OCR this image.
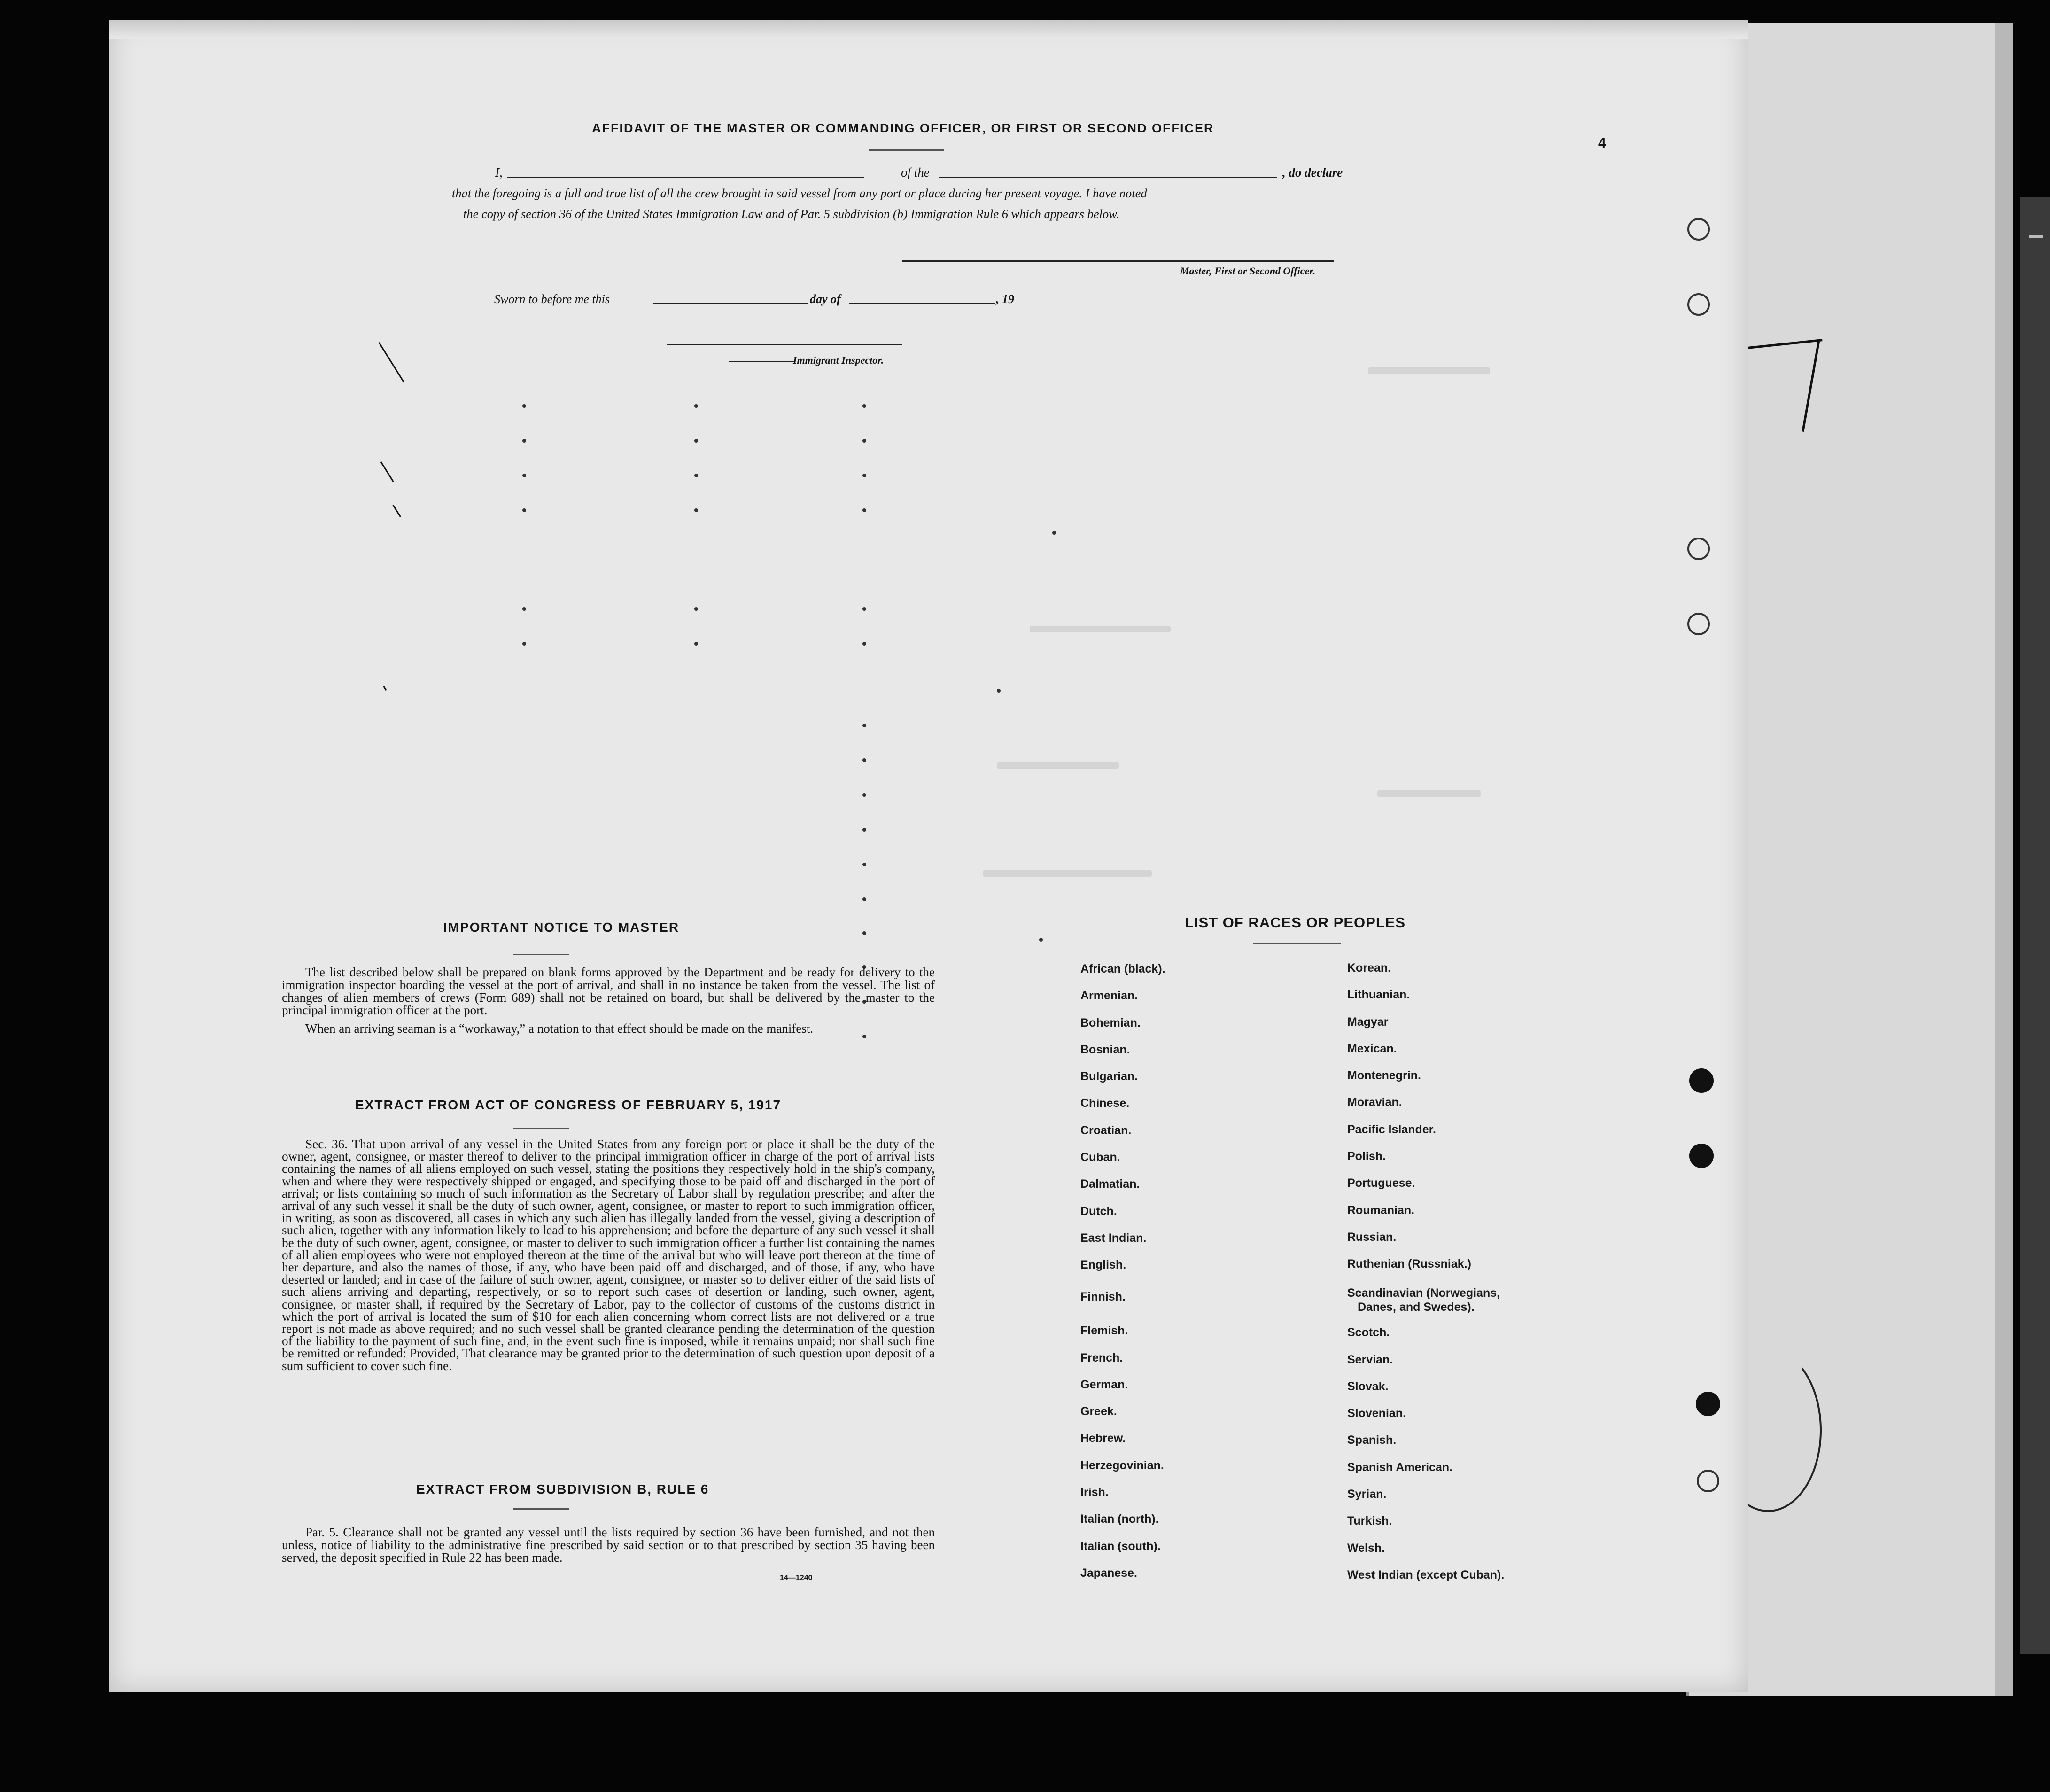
AFFIDAVIT OF THE MASTER OR COMMANDING OFFICER, OR FIRST OR SECOND OFFICER
I,	of the	, do declare
that the foregoing is a full and true list of all the crew brought in said vessel from any port or place during her present voyage. I have noted
the copy of section 36 of the United States Immigration Law and of Par. 5 subdivision (b) Immigration Rule 6 which appears below.
Master, First or Second Officer.
Sworn to before me this	day of	, 19
Immigrant Inspector.
4
IMPORTANT NOTICE TO MASTER

The list described below shall be prepared on blank forms approved by the Department and be ready for delivery to the immigration inspector boarding the vessel at the port of arrival, and shall in no instance be taken from the vessel. The list of changes of alien members of crews (Form 689) shall not be retained on board, but shall be delivered by the master to the principal immigration officer at the port.

When an arriving seaman is a “workaway,” a notation to that effect should be made on the manifest.

EXTRACT FROM ACT OF CONGRESS OF FEBRUARY 5, 1917

Sec. 36. That upon arrival of any vessel in the United States from any foreign port or place it shall be the duty of the owner, agent, consignee, or master thereof to deliver to the principal immigration officer in charge of the port of arrival lists containing the names of all aliens employed on such vessel, stating the positions they respectively hold in the ship's company, when and where they were respectively shipped or engaged, and specifying those to be paid off and discharged in the port of arrival; or lists containing so much of such information as the Secretary of Labor shall by regulation prescribe; and after the arrival of any such vessel it shall be the duty of such owner, agent, consignee, or master to report to such immigration officer, in writing, as soon as discovered, all cases in which any such alien has illegally landed from the vessel, giving a description of such alien, together with any information likely to lead to his apprehension; and before the departure of any such vessel it shall be the duty of such owner, agent, consignee, or master to deliver to such immigration officer a further list containing the names of all alien employees who were not employed thereon at the time of the arrival but who will leave port thereon at the time of her departure, and also the names of those, if any, who have been paid off and discharged, and of those, if any, who have deserted or landed; and in case of the failure of such owner, agent, consignee, or master so to deliver either of the said lists of such aliens arriving and departing, respectively, or so to report such cases of desertion or landing, such owner, agent, consignee, or master shall, if required by the Secretary of Labor, pay to the collector of customs of the customs district in which the port of arrival is located the sum of $10 for each alien concerning whom correct lists are not delivered or a true report is not made as above required; and no such vessel shall be granted clearance pending the determination of the question of the liability to the payment of such fine, and, in the event such fine is imposed, while it remains unpaid; nor shall such fine be remitted or refunded: Provided, That clearance may be granted prior to the determination of such question upon deposit of a sum sufficient to cover such fine.

EXTRACT FROM SUBDIVISION B, RULE 6

Par. 5. Clearance shall not be granted any vessel until the lists required by section 36 have been furnished, and not then unless, notice of liability to the administrative fine prescribed by said section or to that prescribed by section 35 having been served, the deposit specified in Rule 22 has been made.

14—1240
LIST OF RACES OR PEOPLES
African (black).
Armenian.
Bohemian.
Bosnian.
Bulgarian.
Chinese.
Croatian.
Cuban.
Dalmatian.
Dutch.
East Indian.
English.
Finnish.
Flemish.
French.
German.
Greek.
Hebrew.
Herzegovinian.
Irish.
Italian (north).
Italian (south).
Japanese.
Korean.
Lithuanian.
Magyar
Mexican.
Montenegrin.
Moravian.
Pacific Islander.
Polish.
Portuguese.
Roumanian.
Russian.
Ruthenian (Russniak.)
Scandinavian (Norwegians,
Danes, and Swedes).
Scotch.
Servian.
Slovak.
Slovenian.
Spanish.
Spanish American.
Syrian.
Turkish.
Welsh.
West Indian (except Cuban).
